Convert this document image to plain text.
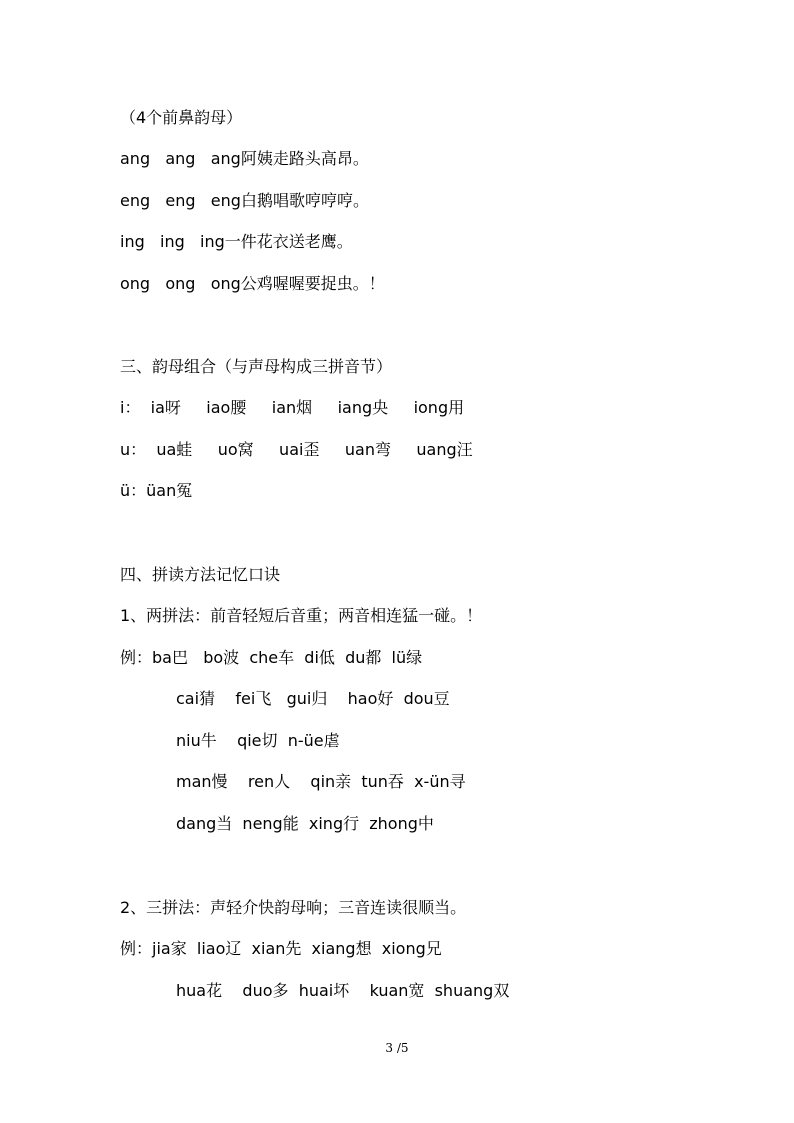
（4个前鼻韵母）
ang   ang   ang阿姨走路头高昂。
eng   eng   eng白鹅唱歌哼哼哼。
ing   ing   ing一件花衣送老鹰。
ong   ong   ong公鸡喔喔要捉虫。！
三、韵母组合（与声母构成三拼音节）
i：  ia呀     iao腰     ian烟     iang央     iong用
u：  ua蛙     uo窝     uai歪     uan弯     uang汪
ü：üan冤
四、拼读方法记忆口诀
1、两拼法：前音轻短后音重；两音相连猛一碰。！
例：ba巴   bo波  che车  di低  du都  lü绿
cai猜    fei飞   gui归    hao好  dou豆
niu牛    qie切  n-üe虐
man慢    ren人    qin亲  tun吞  x-ün寻
dang当  neng能  xing行  zhong中
2、三拼法：声轻介快韵母响；三音连读很顺当。
例：jia家  liao辽  xian先  xiang想  xiong兄
hua花    duo多  huai坏    kuan宽  shuang双
3 /5
